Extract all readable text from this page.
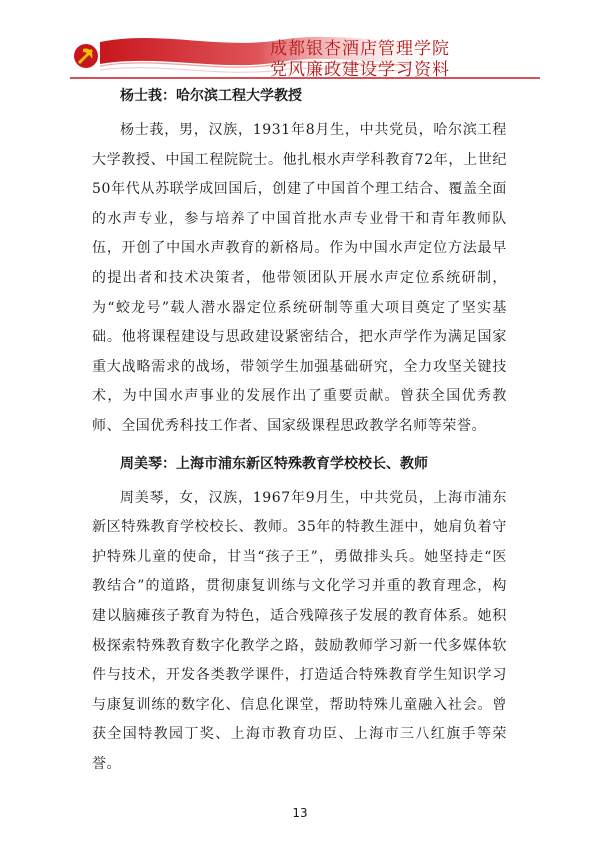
成都银杏酒店管理学院
党风廉政建设学习资料

杨士莪：哈尔滨工程大学教授

杨士莪，男，汉族，1931年8月生，中共党员，哈尔滨工程大学教授、中国工程院院士。他扎根水声学科教育72年，上世纪50年代从苏联学成回国后，创建了中国首个理工结合、覆盖全面的水声专业，参与培养了中国首批水声专业骨干和青年教师队伍，开创了中国水声教育的新格局。作为中国水声定位方法最早的提出者和技术决策者，他带领团队开展水声定位系统研制，为“蛟龙号”载人潜水器定位系统研制等重大项目奠定了坚实基础。他将课程建设与思政建设紧密结合，把水声学作为满足国家重大战略需求的战场，带领学生加强基础研究，全力攻坚关键技术，为中国水声事业的发展作出了重要贡献。曾获全国优秀教师、全国优秀科技工作者、国家级课程思政教学名师等荣誉。

周美琴：上海市浦东新区特殊教育学校校长、教师

周美琴，女，汉族，1967年9月生，中共党员，上海市浦东新区特殊教育学校校长、教师。35年的特教生涯中，她肩负着守护特殊儿童的使命，甘当“孩子王”，勇做排头兵。她坚持走“医教结合”的道路，贯彻康复训练与文化学习并重的教育理念，构建以脑瘫孩子教育为特色，适合残障孩子发展的教育体系。她积极探索特殊教育数字化教学之路，鼓励教师学习新一代多媒体软件与技术，开发各类教学课件，打造适合特殊教育学生知识学习与康复训练的数字化、信息化课堂，帮助特殊儿童融入社会。曾获全国特教园丁奖、上海市教育功臣、上海市三八红旗手等荣誉。

13
